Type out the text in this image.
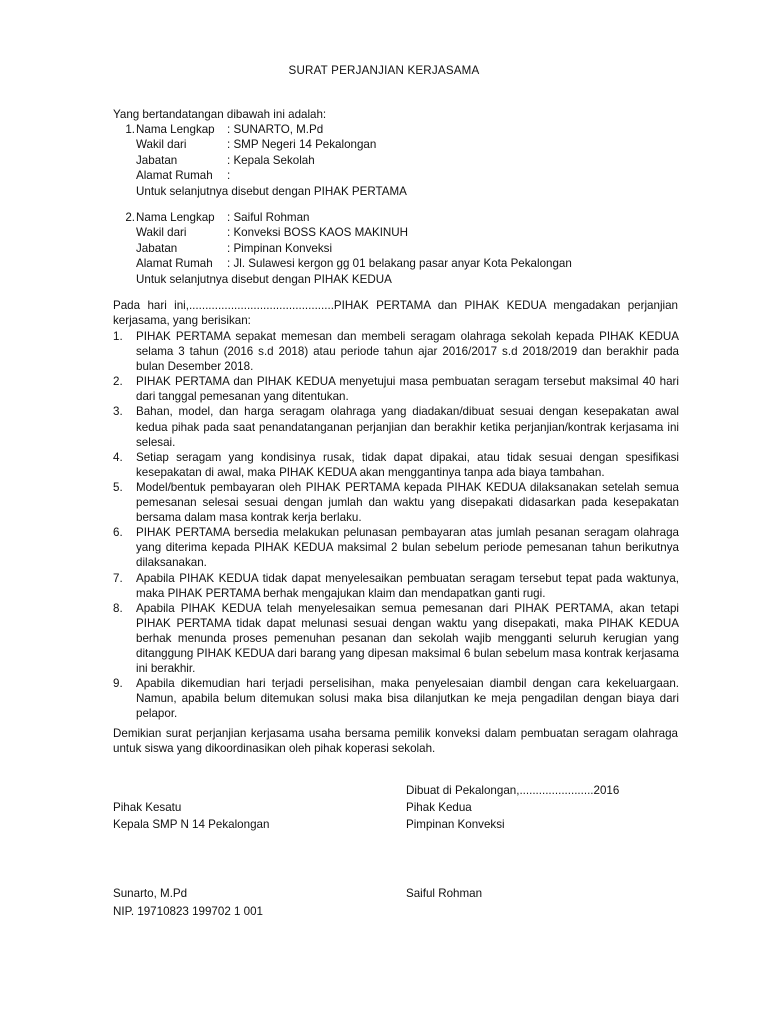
SURAT PERJANJIAN KERJASAMA
Yang bertandatangan dibawah ini adalah:
1. Nama Lengkap	: SUNARTO, M.Pd
Wakil dari	: SMP Negeri 14 Pekalongan
Jabatan	: Kepala Sekolah
Alamat Rumah	:
Untuk selanjutnya disebut dengan PIHAK PERTAMA
2. Nama Lengkap	: Saiful Rohman
Wakil dari	: Konveksi BOSS KAOS MAKINUH
Jabatan	: Pimpinan Konveksi
Alamat Rumah	: Jl. Sulawesi kergon gg 01 belakang pasar anyar Kota Pekalongan
Untuk selanjutnya disebut dengan PIHAK KEDUA
Pada hari ini,.............................................PIHAK PERTAMA dan PIHAK KEDUA mengadakan perjanjian kerjasama, yang berisikan:
1.	PIHAK PERTAMA sepakat memesan dan membeli seragam olahraga sekolah kepada PIHAK KEDUA selama 3 tahun (2016 s.d 2018) atau periode tahun ajar 2016/2017 s.d 2018/2019 dan berakhir pada bulan Desember 2018.
2.	PIHAK PERTAMA dan PIHAK KEDUA menyetujui masa pembuatan seragam tersebut maksimal 40 hari dari tanggal pemesanan yang ditentukan.
3.	Bahan, model, dan harga seragam olahraga yang diadakan/dibuat sesuai dengan kesepakatan awal kedua pihak pada saat penandatanganan perjanjian dan berakhir ketika perjanjian/kontrak kerjasama ini selesai.
4.	Setiap seragam yang kondisinya rusak, tidak dapat dipakai, atau tidak sesuai dengan spesifikasi kesepakatan di awal, maka PIHAK KEDUA akan menggantinya tanpa ada biaya tambahan.
5.	Model/bentuk pembayaran oleh PIHAK PERTAMA kepada PIHAK KEDUA dilaksanakan setelah semua pemesanan selesai sesuai dengan jumlah dan waktu yang disepakati didasarkan pada kesepakatan bersama dalam masa kontrak kerja berlaku.
6.	PIHAK PERTAMA bersedia melakukan pelunasan pembayaran atas jumlah pesanan seragam olahraga yang diterima kepada PIHAK KEDUA maksimal 2 bulan sebelum periode pemesanan tahun berikutnya dilaksanakan.
7.	Apabila PIHAK KEDUA tidak dapat menyelesaikan pembuatan seragam tersebut tepat pada waktunya, maka PIHAK PERTAMA berhak mengajukan klaim dan mendapatkan ganti rugi.
8.	Apabila PIHAK KEDUA telah menyelesaikan semua pemesanan dari PIHAK PERTAMA, akan tetapi PIHAK PERTAMA tidak dapat melunasi sesuai dengan waktu yang disepakati, maka PIHAK KEDUA berhak menunda proses pemenuhan pesanan dan sekolah wajib mengganti seluruh kerugian yang ditanggung PIHAK KEDUA dari barang yang dipesan maksimal 6 bulan sebelum masa kontrak kerjasama ini berakhir.
9.	Apabila dikemudian hari terjadi perselisihan, maka penyelesaian diambil dengan cara kekeluargaan. Namun, apabila belum ditemukan solusi maka bisa dilanjutkan ke meja pengadilan dengan biaya dari pelapor.
Demikian surat perjanjian kerjasama usaha bersama pemilik konveksi dalam pembuatan seragam olahraga untuk siswa yang dikoordinasikan oleh pihak koperasi sekolah.
Dibuat di Pekalongan,.......................2016
Pihak Kesatu
Kepala SMP N 14 Pekalongan
Pihak Kedua
Pimpinan Konveksi
Sunarto, M.Pd
NIP. 19710823 199702 1 001
Saiful Rohman
